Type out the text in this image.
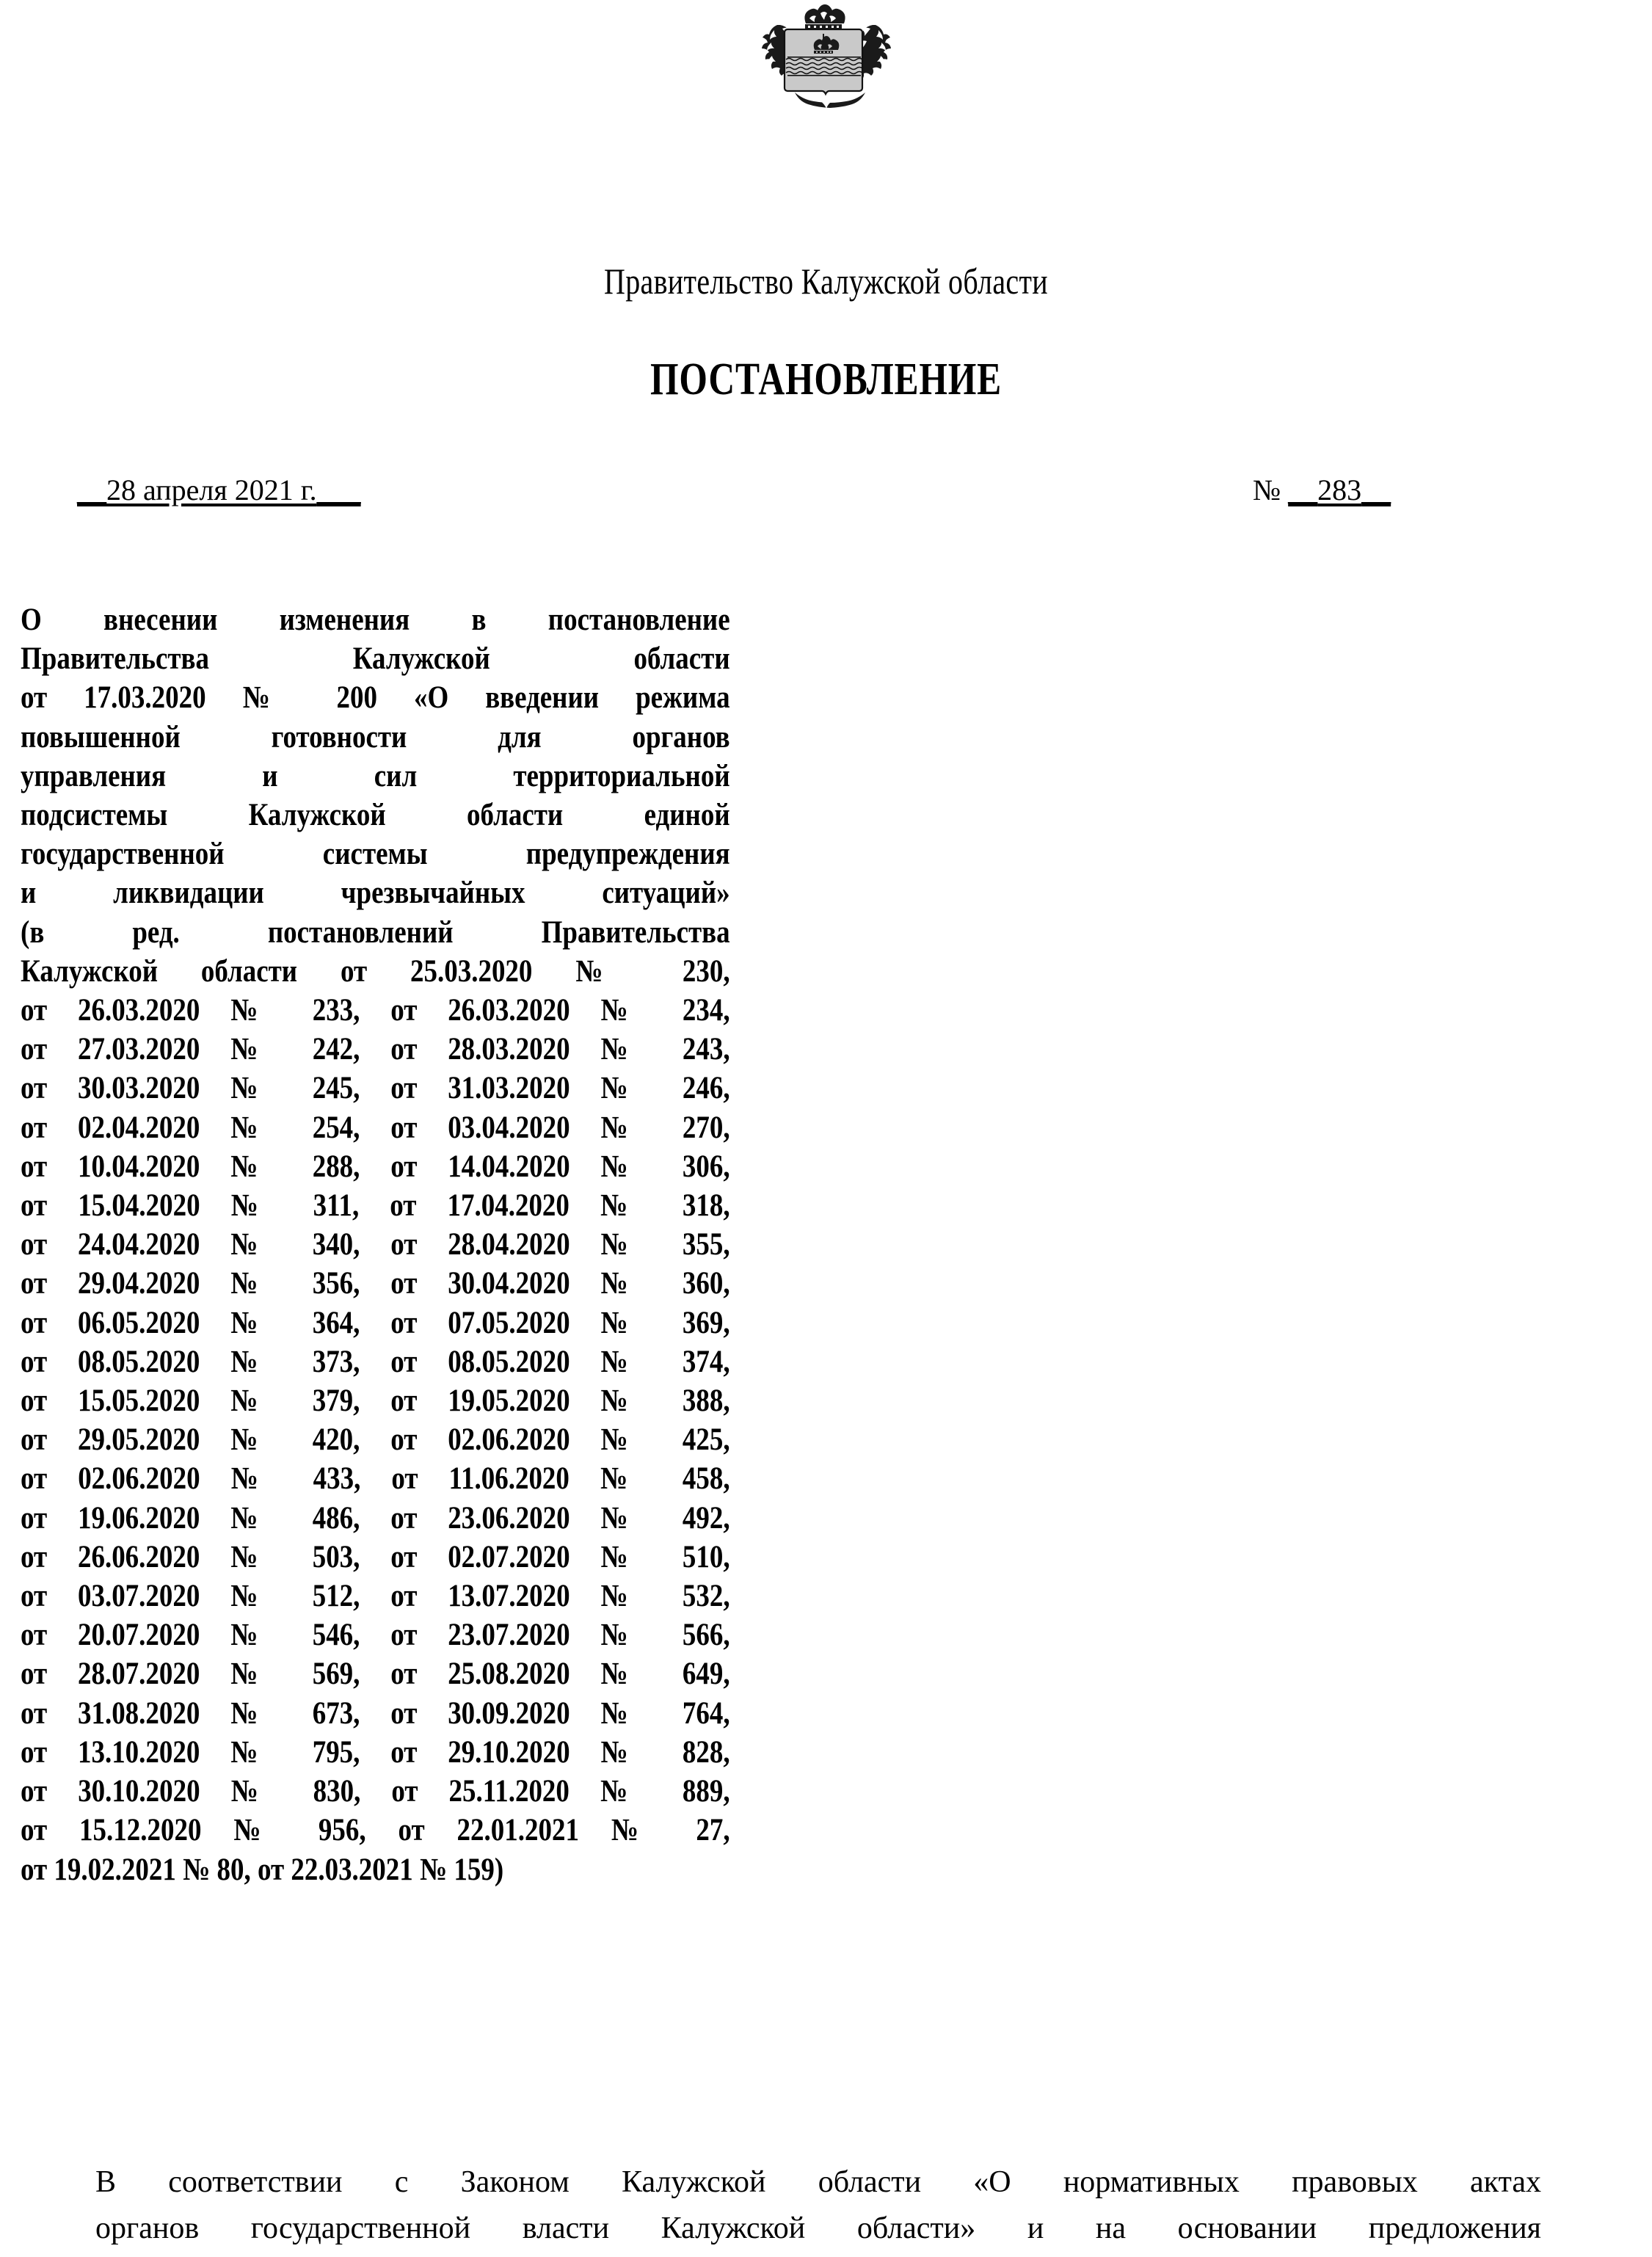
Правительство Калужской области
ПОСТАНОВЛЕНИЕ
__28 апреля 2021 г.___	№ __283__
О внесении изменения в постановление
Правительства Калужской области
от 17.03.2020 № 200 «О введении режима
повышенной готовности для органов
управления и сил территориальной
подсистемы Калужской области единой
государственной системы предупреждения
и ликвидации чрезвычайных ситуаций»
(в ред. постановлений Правительства
Калужской области от 25.03.2020 № 230,
от 26.03.2020 № 233, от 26.03.2020 № 234,
от 27.03.2020 № 242, от 28.03.2020 № 243,
от 30.03.2020 № 245, от 31.03.2020 № 246,
от 02.04.2020 № 254, от 03.04.2020 № 270,
от 10.04.2020 № 288, от 14.04.2020 № 306,
от 15.04.2020 № 311, от 17.04.2020 № 318,
от 24.04.2020 № 340, от 28.04.2020 № 355,
от 29.04.2020 № 356, от 30.04.2020 № 360,
от 06.05.2020 № 364, от 07.05.2020 № 369,
от 08.05.2020 № 373, от 08.05.2020 № 374,
от 15.05.2020 № 379, от 19.05.2020 № 388,
от 29.05.2020 № 420, от 02.06.2020 № 425,
от 02.06.2020 № 433, от 11.06.2020 № 458,
от 19.06.2020 № 486, от 23.06.2020 № 492,
от 26.06.2020 № 503, от 02.07.2020 № 510,
от 03.07.2020 № 512, от 13.07.2020 № 532,
от 20.07.2020 № 546, от 23.07.2020 № 566,
от 28.07.2020 № 569, от 25.08.2020 № 649,
от 31.08.2020 № 673, от 30.09.2020 № 764,
от 13.10.2020 № 795, от 29.10.2020 № 828,
от 30.10.2020 № 830, от 25.11.2020 № 889,
от 15.12.2020 № 956, от 22.01.2021 № 27,
от 19.02.2021 № 80, от 22.03.2021 № 159)
В соответствии с Законом Калужской области «О нормативных правовых актах
органов государственной власти Калужской области» и на основании предложения
